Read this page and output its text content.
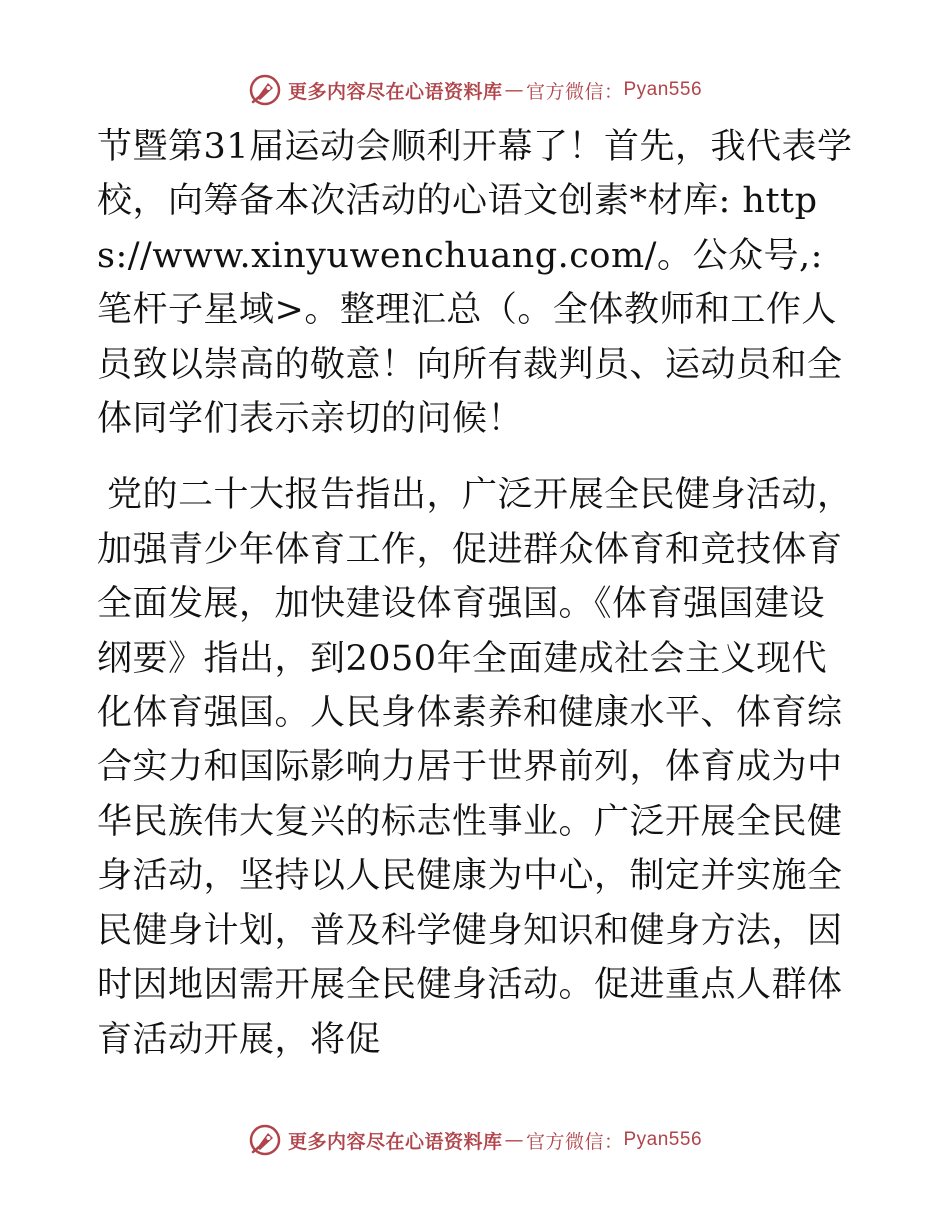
更多内容尽在心语资料库 — 官方微信： Pyan556

节暨第31届运动会顺利开幕了！首先，我代表学校，向筹备本次活动的心语文创素*材库: https://www.xinyuwenchuang.com/。公众号,: 笔杆子星域>。整理汇总（。全体教师和工作人员致以崇高的敬意！向所有裁判员、运动员和全体同学们表示亲切的问候！

党的二十大报告指出，广泛开展全民健身活动，加强青少年体育工作，促进群众体育和竞技体育全面发展，加快建设体育强国。《体育强国建设纲要》指出，到2050年全面建成社会主义现代化体育强国。人民身体素养和健康水平、体育综合实力和国际影响力居于世界前列，体育成为中华民族伟大复兴的标志性事业。广泛开展全民健身活动，坚持以人民健康为中心，制定并实施全民健身计划，普及科学健身知识和健身方法，因时因地因需开展全民健身活动。促进重点人群体育活动开展，将促

更多内容尽在心语资料库 — 官方微信： Pyan556
